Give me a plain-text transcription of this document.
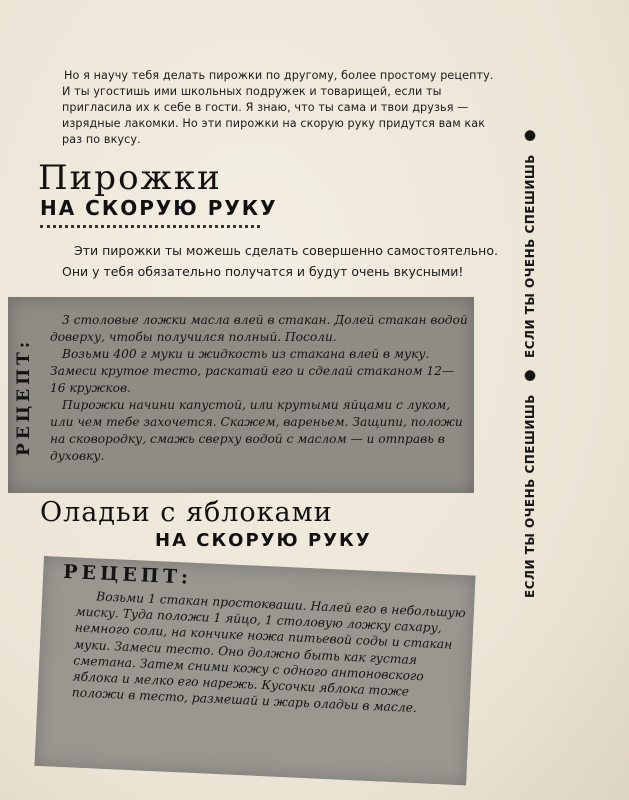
Но я научу тебя делать пирожки по другому, более простому рецепту. И ты угостишь ими школьных подружек и товарищей, если ты пригласила их к себе в гости. Я знаю, что ты сама и твои друзья — изрядные лакомки. Но эти пирожки на скорую руку придутся вам как раз по вкусу.
Пирожки
НА СКОРУЮ РУКУ
Эти пирожки ты можешь сделать совершенно самостоятельно. Они у тебя обязательно получатся и будут очень вкусными!
РЕЦЕПТ:

3 столовые ложки масла влей в стакан. Долей стакан водой доверху, чтобы получился полный. Посоли.

Возьми 400 г муки и жидкость из стакана влей в муку. Замеси крутое тесто, раскатай его и сделай стаканом 12—16 кружков.

Пирожки начини капустой, или крутыми яйцами с луком, или чем тебе захочется. Скажем, вареньем. Защипи, положи на сковородку, смажь сверху водой с маслом — и отправь в духовку.

Оладьи с яблоками
НА СКОРУЮ РУКУ
РЕЦЕПТ:
Возьми 1 стакан простокваши. Налей его в небольшую миску. Туда положи 1 яйцо, 1 столовую ложку сахару, немного соли, на кончике ножа питьевой соды и стакан муки. Замеси тесто. Оно должно быть как густая сметана. Затем сними кожу с одного антоновского яблока и мелко его нарежь. Кусочки яблока тоже положи в тесто, размешай и жарь оладьи в масле.
ЕСЛИ ТЫ ОЧЕНЬ СПЕШИШЬ
●
ЕСЛИ ТЫ ОЧЕНЬ СПЕШИШЬ
●
